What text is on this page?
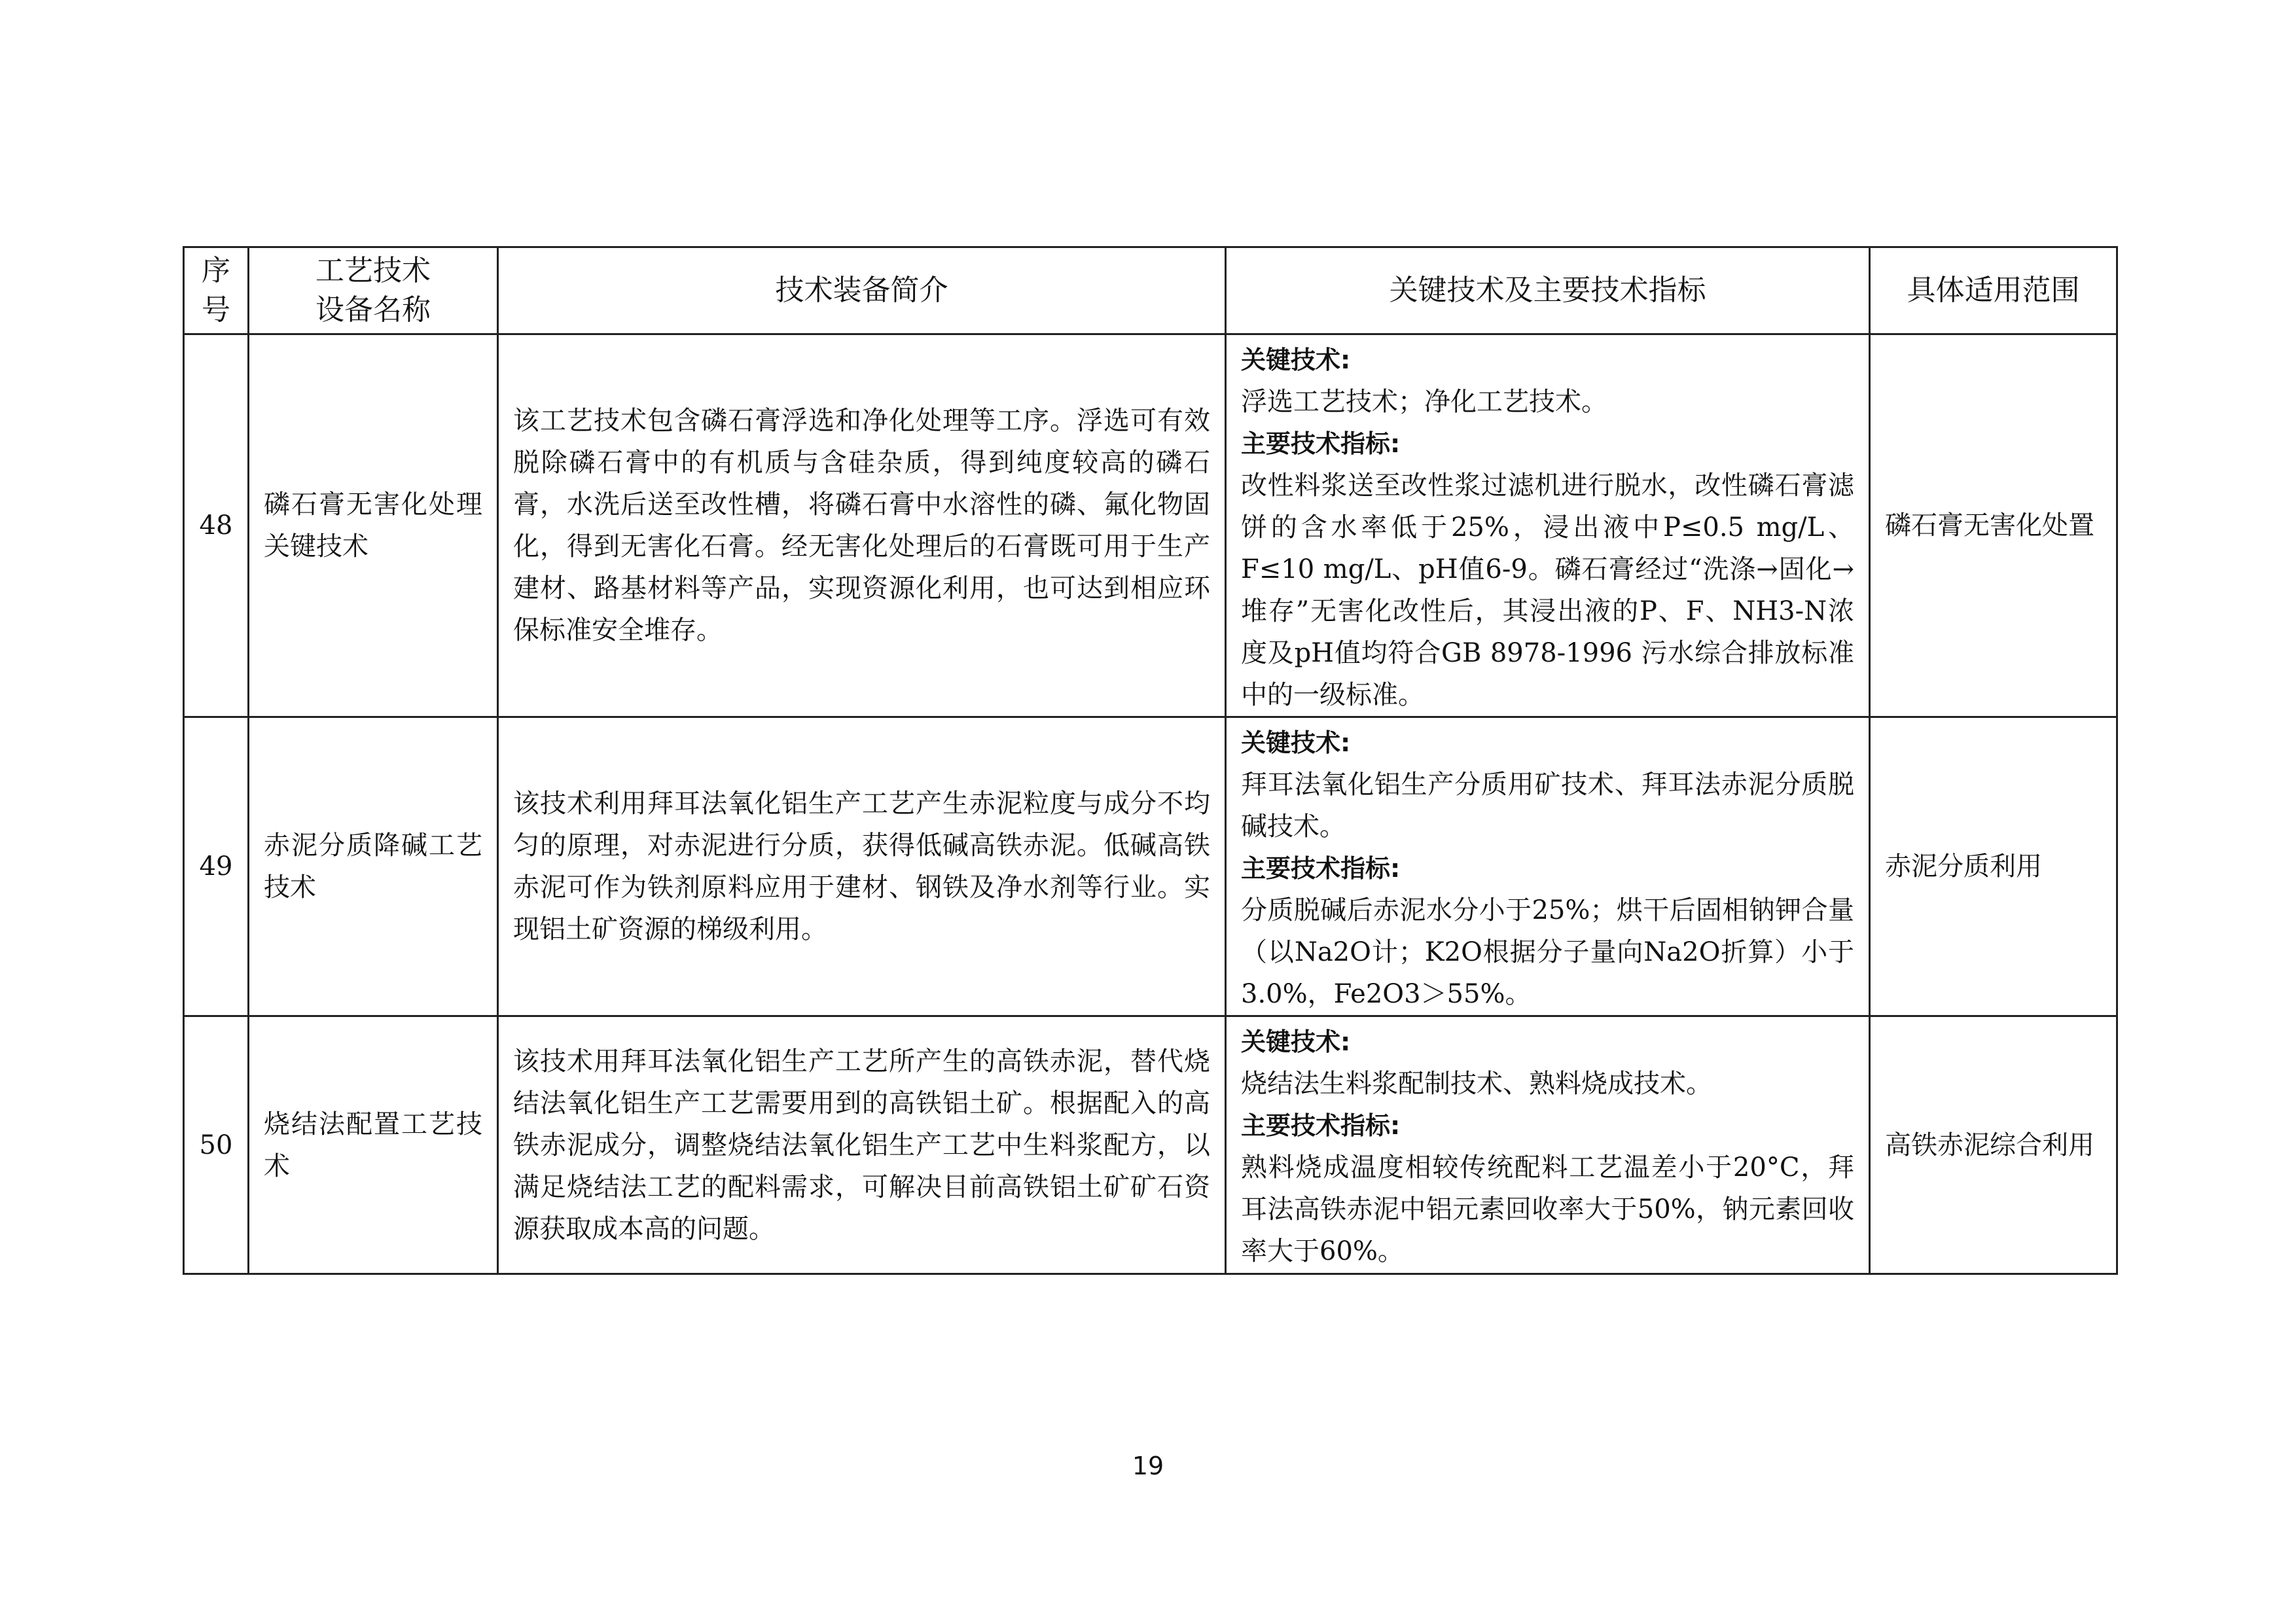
序号	工艺技术设备名称	技术装备简介	关键技术及主要技术指标	具体适用范围
48	磷石膏无害化处理关键技术	该工艺技术包含磷石膏浮选和净化处理等工序。浮选可有效脱除磷石膏中的有机质与含硅杂质，得到纯度较高的磷石膏，水洗后送至改性槽，将磷石膏中水溶性的磷、氟化物固化，得到无害化石膏。经无害化处理后的石膏既可用于生产建材、路基材料等产品，实现资源化利用，也可达到相应环保标准安全堆存。	关键技术:
浮选工艺技术；净化工艺技术。
主要技术指标:
改性料浆送至改性浆过滤机进行脱水，改性磷石膏滤饼的含水率低于25%，浸出液中P≤0.5 mg/L、F≤10 mg/L、pH值6-9。磷石膏经过“洗涤→固化→堆存”无害化改性后，其浸出液的P、F、NH3-N浓度及pH值均符合GB 8978-1996 污水综合排放标准中的一级标准。	磷石膏无害化处置

49	赤泥分质降碱工艺技术	该技术利用拜耳法氧化铝生产工艺产生赤泥粒度与成分不均匀的原理，对赤泥进行分质，获得低碱高铁赤泥。低碱高铁赤泥可作为铁剂原料应用于建材、钢铁及净水剂等行业。实现铝土矿资源的梯级利用。	关键技术:
拜耳法氧化铝生产分质用矿技术、拜耳法赤泥分质脱碱技术。
主要技术指标:
分质脱碱后赤泥水分小于25%；烘干后固相钠钾合量（以Na2O计；K2O根据分子量向Na2O折算）小于3.0%，Fe2O3＞55%。	赤泥分质利用

50	烧结法配置工艺技术	该技术用拜耳法氧化铝生产工艺所产生的高铁赤泥，替代烧结法氧化铝生产工艺需要用到的高铁铝土矿。根据配入的高铁赤泥成分，调整烧结法氧化铝生产工艺中生料浆配方，以满足烧结法工艺的配料需求，可解决目前高铁铝土矿矿石资源获取成本高的问题。	关键技术:
烧结法生料浆配制技术、熟料烧成技术。
主要技术指标:
熟料烧成温度相较传统配料工艺温差小于20°C，拜耳法高铁赤泥中铝元素回收率大于50%，钠元素回收率大于60%。	高铁赤泥综合利用
19
